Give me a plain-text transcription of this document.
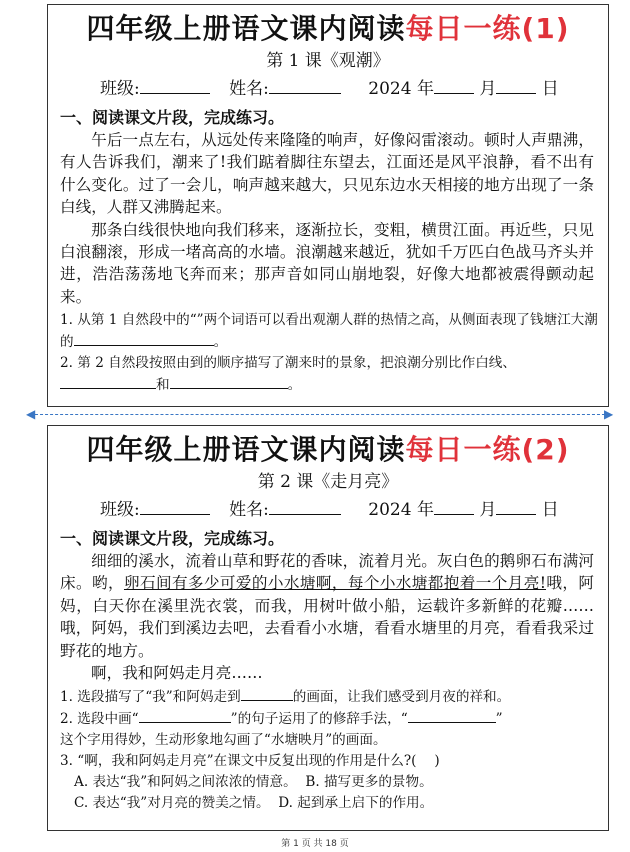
四年级上册语文课内阅读每日一练(1)
第 1 课《观潮》
班级:	姓名:	2024 年	月	日
一、阅读课文片段，完成练习。
午后一点左右，从远处传来隆隆的响声，好像闷雷滚动。顿时人声鼎沸，有人告诉我们，潮来了!我们踮着脚往东望去，江面还是风平浪静，看不出有什么变化。过了一会儿，响声越来越大，只见东边水天相接的地方出现了一条白线，人群又沸腾起来。
那条白线很快地向我们移来，逐渐拉长，变粗，横贯江面。再近些，只见白浪翻滚，形成一堵高高的水墙。浪潮越来越近，犹如千万匹白色战马齐头并进，浩浩荡荡地飞奔而来；那声音如同山崩地裂，好像大地都被震得颤动起来。
1. 从第 1 自然段中的“”两个词语可以看出观潮人群的热情之高，从侧面表现了钱塘江大潮的	。
2. 第 2 自然段按照由到的顺序描写了潮来时的景象，把浪潮分别比作白线、
和	。
◀	▶
四年级上册语文课内阅读每日一练(2)
第 2 课《走月亮》
班级:	姓名:	2024 年	月	日
一、阅读课文片段，完成练习。
细细的溪水，流着山草和野花的香味，流着月光。灰白色的鹅卵石布满河床。哟，卵石间有多少可爱的小水塘啊，每个小水塘都抱着一个月亮!哦，阿妈，白天你在溪里洗衣裳，而我，用树叶做小船，运载许多新鲜的花瓣……哦，阿妈，我们到溪边去吧，去看看小水塘，看看水塘里的月亮，看看我采过野花的地方。
啊，我和阿妈走月亮……
1. 选段描写了“我”和阿妈走到	的画面，让我们感受到月夜的祥和。
2. 选段中画“	”的句子运用了的修辞手法，“	”
这个字用得妙，生动形象地勾画了“水塘映月”的画面。
3. “啊，我和阿妈走月亮”在课文中反复出现的作用是什么?(　 )
A. 表达“我”和阿妈之间浓浓的情意。 B. 描写更多的景物。
C. 表达“我”对月亮的赞美之情。 D. 起到承上启下的作用。
第 1 页 共 18 页
